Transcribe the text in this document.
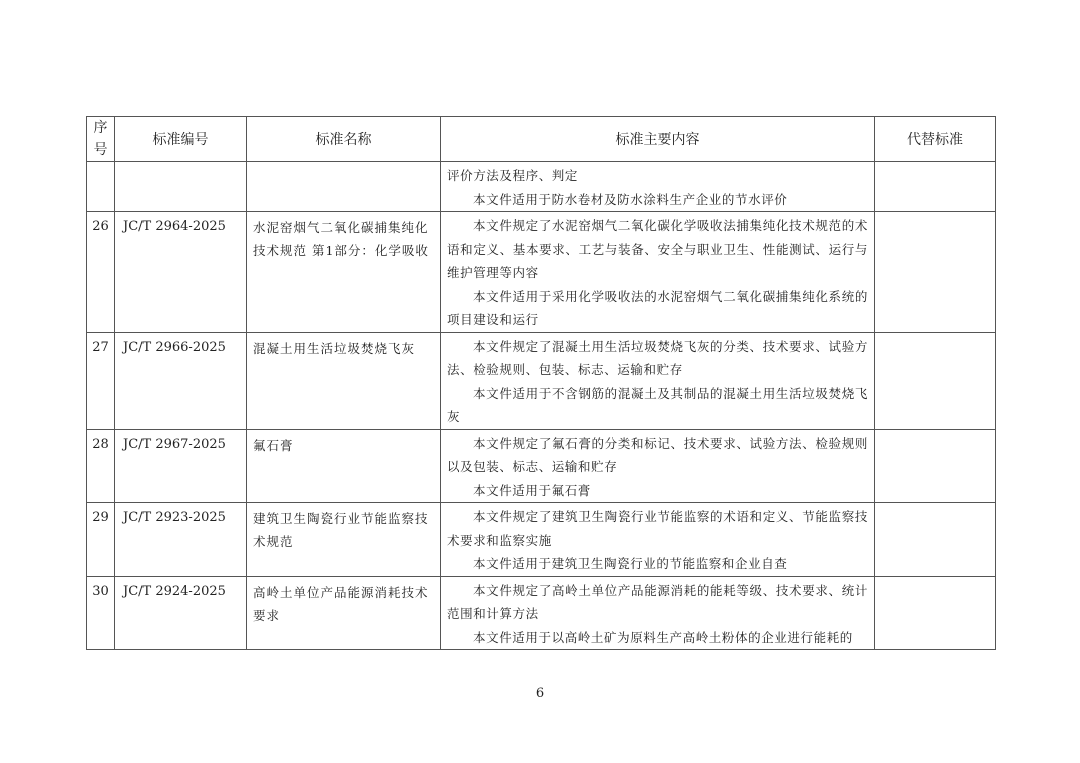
序号	标准编号	标准名称	标准主要内容	代替标准

			评价方法及程序、判定

本文件适用于防水卷材及防水涂料生产企业的节水评价	

26	JC/T 2964-2025	水泥窑烟气二氧化碳捕集纯化技术规范 第1部分：化学吸收	本文件规定了水泥窑烟气二氧化碳化学吸收法捕集纯化技术规范的术语和定义、基本要求、工艺与装备、安全与职业卫生、性能测试、运行与维护管理等内容

本文件适用于采用化学吸收法的水泥窑烟气二氧化碳捕集纯化系统的项目建设和运行	

27	JC/T 2966-2025	混凝土用生活垃圾焚烧飞灰	本文件规定了混凝土用生活垃圾焚烧飞灰的分类、技术要求、试验方法、检验规则、包装、标志、运输和贮存

本文件适用于不含钢筋的混凝土及其制品的混凝土用生活垃圾焚烧飞灰	

28	JC/T 2967-2025	氟石膏	本文件规定了氟石膏的分类和标记、技术要求、试验方法、检验规则以及包装、标志、运输和贮存

本文件适用于氟石膏	

29	JC/T 2923-2025	建筑卫生陶瓷行业节能监察技术规范	本文件规定了建筑卫生陶瓷行业节能监察的术语和定义、节能监察技术要求和监察实施

本文件适用于建筑卫生陶瓷行业的节能监察和企业自查	

30	JC/T 2924-2025	高岭土单位产品能源消耗技术要求	本文件规定了高岭土单位产品能源消耗的能耗等级、技术要求、统计范围和计算方法

本文件适用于以高岭土矿为原料生产高岭土粉体的企业进行能耗的	

6
